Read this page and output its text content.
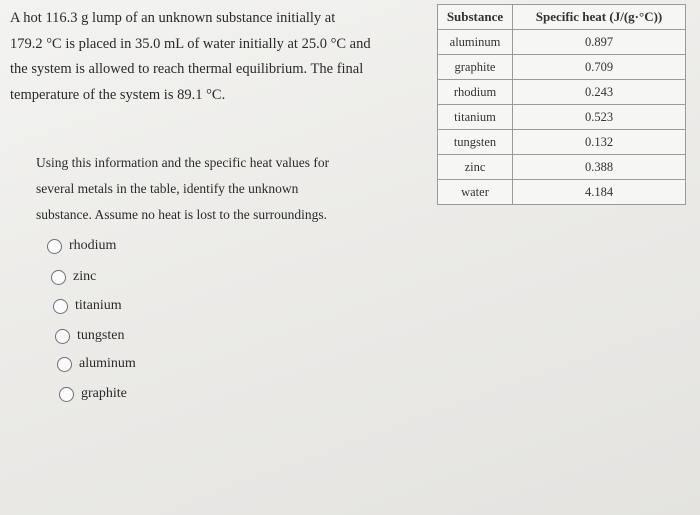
A hot 116.3 g lump of an unknown substance initially at

179.2 °C is placed in 35.0 mL of water initially at 25.0 °C and

the system is allowed to reach thermal equilibrium. The final

temperature of the system is 89.1 °C.

Using this information and the specific heat values for
several metals in the table, identify the unknown
substance. Assume no heat is lost to the surroundings.
rhodium
zinc
titanium
tungsten
aluminum
graphite
Substance	Specific heat (J/(g·°C))
aluminum	0.897
graphite	0.709
rhodium	0.243
titanium	0.523
tungsten	0.132
zinc	0.388
water	4.184
